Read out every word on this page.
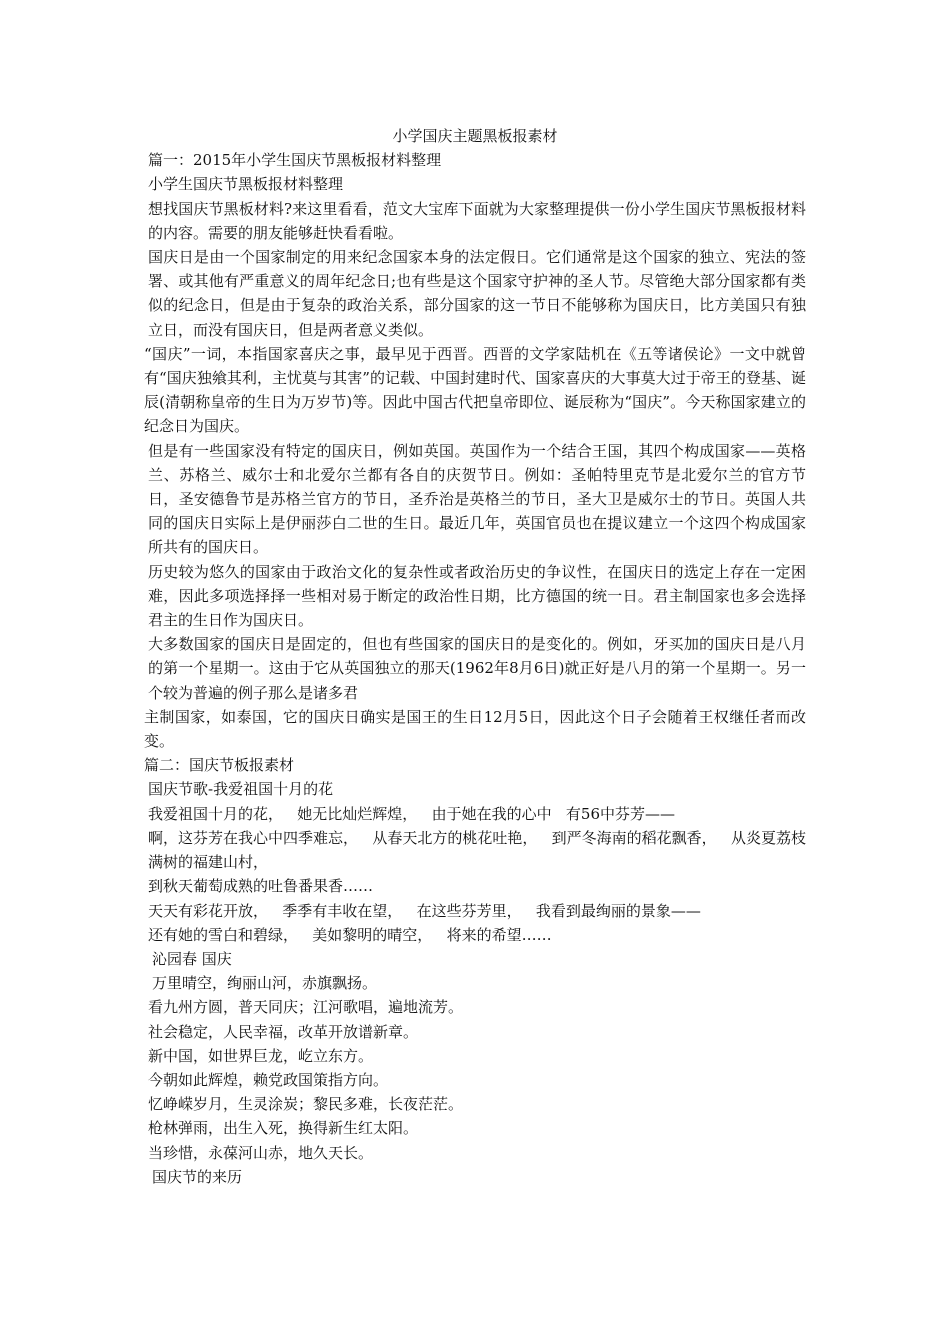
小学国庆主题黑板报素材

篇一：2015年小学生国庆节黑板报材料整理

小学生国庆节黑板报材料整理

想找国庆节黑板材料?来这里看看，范文大宝库下面就为大家整理提供一份小学生国庆节黑板报材料的内容。需要的朋友能够赶快看看啦。

国庆日是由一个国家制定的用来纪念国家本身的法定假日。它们通常是这个国家的独立、宪法的签署、或其他有严重意义的周年纪念日;也有些是这个国家守护神的圣人节。尽管绝大部分国家都有类似的纪念日，但是由于复杂的政治关系，部分国家的这一节日不能够称为国庆日，比方美国只有独立日，而没有国庆日，但是两者意义类似。

“国庆”一词，本指国家喜庆之事，最早见于西晋。西晋的文学家陆机在《五等诸侯论》一文中就曾有“国庆独飨其利，主忧莫与其害”的记载、中国封建时代、国家喜庆的大事莫大过于帝王的登基、诞辰(清朝称皇帝的生日为万岁节)等。因此中国古代把皇帝即位、诞辰称为“国庆”。今天称国家建立的纪念日为国庆。

但是有一些国家没有特定的国庆日，例如英国。英国作为一个结合王国，其四个构成国家——英格兰、苏格兰、威尔士和北爱尔兰都有各自的庆贺节日。例如：圣帕特里克节是北爱尔兰的官方节日，圣安德鲁节是苏格兰官方的节日，圣乔治是英格兰的节日，圣大卫是威尔士的节日。英国人共同的国庆日实际上是伊丽莎白二世的生日。最近几年，英国官员也在提议建立一个这四个构成国家所共有的国庆日。

历史较为悠久的国家由于政治文化的复杂性或者政治历史的争议性，在国庆日的选定上存在一定困难，因此多项选择择一些相对易于断定的政治性日期，比方德国的统一日。君主制国家也多会选择君主的生日作为国庆日。

大多数国家的国庆日是固定的，但也有些国家的国庆日的是变化的。例如，牙买加的国庆日是八月的第一个星期一。这由于它从英国独立的那天(1962年8月6日)就正好是八月的第一个星期一。另一个较为普遍的例子那么是诸多君

主制国家，如泰国，它的国庆日确实是国王的生日12月5日，因此这个日子会随着王权继任者而改变。

篇二：国庆节板报素材

国庆节歌-我爱祖国十月的花

我爱祖国十月的花，   她无比灿烂辉煌，   由于她在我的心中   有56中芬芳——

啊，这芬芳在我心中四季难忘，   从春天北方的桃花吐艳，   到严冬海南的稻花飘香，   从炎夏荔枝满树的福建山村，

到秋天葡萄成熟的吐鲁番果香……

天天有彩花开放，   季季有丰收在望，   在这些芬芳里，   我看到最绚丽的景象——

还有她的雪白和碧绿，   美如黎明的晴空，   将来的希望……

沁园春 国庆

万里晴空，绚丽山河，赤旗飘扬。

看九州方圆，普天同庆；江河歌唱，遍地流芳。

社会稳定，人民幸福，改革开放谱新章。

新中国，如世界巨龙，屹立东方。

今朝如此辉煌，赖党政国策指方向。

忆峥嵘岁月，生灵涂炭；黎民多难，长夜茫茫。

枪林弹雨，出生入死，换得新生红太阳。

当珍惜，永葆河山赤，地久天长。

国庆节的来历
